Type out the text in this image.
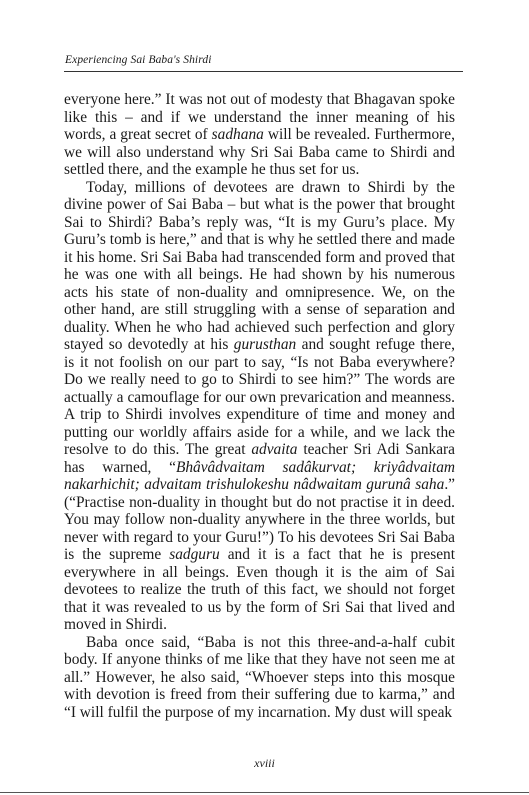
Experiencing Sai Baba's Shirdi

everyone here.” It was not out of modesty that Bhagavan spoke like this – and if we understand the inner meaning of his words, a great secret of sadhana will be revealed. Furthermore, we will also understand why Sri Sai Baba came to Shirdi and settled there, and the example he thus set for us.

Today, millions of devotees are drawn to Shirdi by the divine power of Sai Baba – but what is the power that brought Sai to Shirdi? Baba’s reply was, “It is my Guru’s place. My Guru’s tomb is here,” and that is why he settled there and made it his home. Sri Sai Baba had transcended form and proved that he was one with all beings. He had shown by his numerous acts his state of non-duality and omnipresence. We, on the other hand, are still struggling with a sense of separation and duality. When he who had achieved such perfection and glory stayed so devotedly at his gurusthan and sought refuge there, is it not foolish on our part to say, “Is not Baba everywhere? Do we really need to go to Shirdi to see him?” The words are actually a camouflage for our own prevarication and meanness. A trip to Shirdi involves expenditure of time and money and putting our worldly affairs aside for a while, and we lack the resolve to do this. The great advaita teacher Sri Adi Sankara has warned, “Bhâvâdvaitam sadâkurvat; kriyâdvaitam nakarhichit; advaitam trishulokeshu nâdwaitam gurunâ saha.” (“Practise non-duality in thought but do not practise it in deed. You may follow non-duality anywhere in the three worlds, but never with regard to your Guru!”) To his devotees Sri Sai Baba is the supreme sadguru and it is a fact that he is present everywhere in all beings. Even though it is the aim of Sai devotees to realize the truth of this fact, we should not forget that it was revealed to us by the form of Sri Sai that lived and moved in Shirdi.

Baba once said, “Baba is not this three-and-a-half cubit body. If anyone thinks of me like that they have not seen me at all.” However, he also said, “Whoever steps into this mosque with devotion is freed from their suffering due to karma,” and “I will fulfil the purpose of my incarnation. My dust will speak

xviii
